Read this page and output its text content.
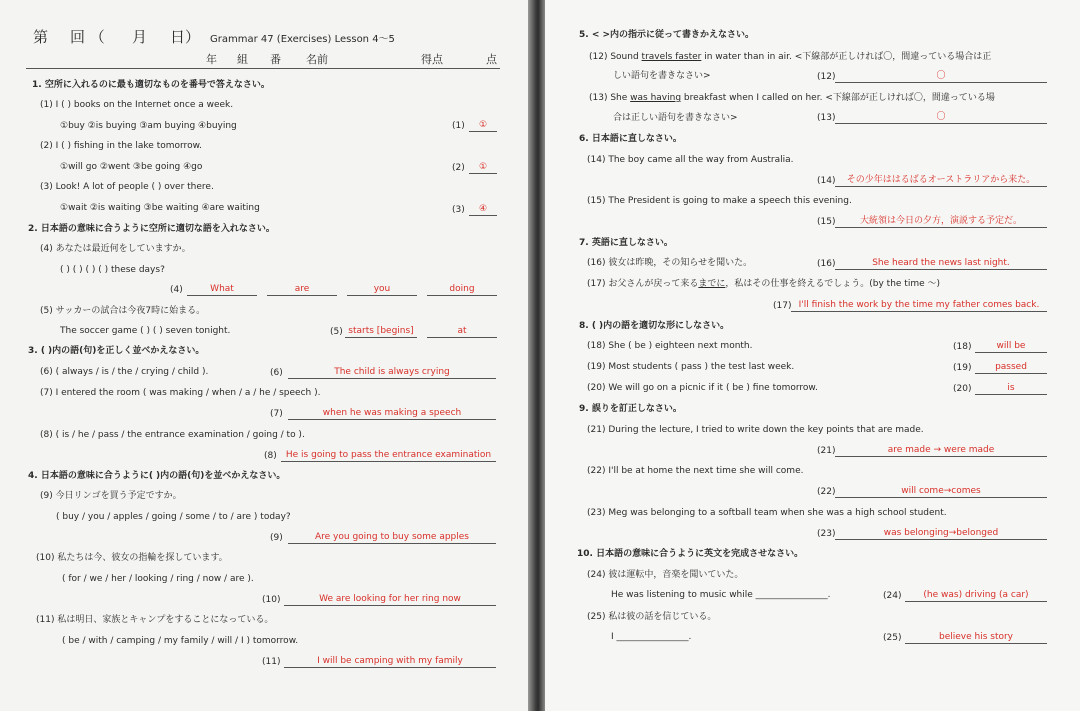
第 回 （ 月 日） Grammar 47 (Exercises) Lesson 4〜5
年 組 番 名前	得点	点
1. 空所に入れるのに最も適切なものを番号で答えなさい。
(1) I ( ) books on the Internet once a week.
①buy ②is buying ③am buying ④buying	(1)	①
(2) I ( ) fishing in the lake tomorrow.
①will go ②went ③be going ④go	(2)	①
(3) Look! A lot of people ( ) over there.
①wait ②is waiting ③be waiting ④are waiting	(3)	④
2. 日本語の意味に合うように空所に適切な語を入れなさい。
(4) あなたは最近何をしていますか。
( ) ( ) ( ) ( ) these days?
(4)	What	are	you	doing
(5) サッカーの試合は今夜7時に始まる。
The soccer game ( ) ( ) seven tonight.	(5) starts [begins]	at
3. ( )内の語(句)を正しく並べかえなさい。
(6) ( always / is / the / crying / child ).	(6)	The child is always crying
(7) I entered the room ( was making / when / a / he / speech ).
(7)	when he was making a speech
(8) ( is / he / pass / the entrance examination / going / to ).
(8)	He is going to pass the entrance examination
4. 日本語の意味に合うように( )内の語(句)を並べかえなさい。
(9) 今日リンゴを買う予定ですか。
( buy / you / apples / going / some / to / are ) today?
(9)	Are you going to buy some apples
(10) 私たちは今、彼女の指輪を探しています。
( for / we / her / looking / ring / now / are ).
(10)	We are looking for her ring now
(11) 私は明日、家族とキャンプをすることになっている。
( be / with / camping / my family / will / I ) tomorrow.
(11)	I will be camping with my family
5. < >内の指示に従って書きかえなさい。
(12) Sound travels faster in water than in air. <下線部が正しければ〇，間違っている場合は正
しい語句を書きなさい>	(12)	〇
(13) She was having breakfast when I called on her. <下線部が正しければ〇，間違っている場
合は正しい語句を書きなさい>	(13)	〇
6. 日本語に直しなさい。
(14) The boy came all the way from Australia.
(14)	その少年ははるばるオーストラリアから来た。
(15) The President is going to make a speech this evening.
(15)	大統領は今日の夕方，演説する予定だ。
7. 英語に直しなさい。
(16) 彼女は昨晩，その知らせを聞いた。	(16)	She heard the news last night.
(17) お父さんが戻って来るまでに，私はその仕事を終えるでしょう。(by the time 〜)
(17) I'll finish the work by the time my father comes back.
8. ( )内の語を適切な形にしなさい。
(18) She ( be ) eighteen next month.	(18)	will be
(19) Most students ( pass ) the test last week.	(19)	passed
(20) We will go on a picnic if it ( be ) fine tomorrow.	(20)	is
9. 誤りを訂正しなさい。
(21) During the lecture, I tried to write down the key points that are made.
(21)	are made → were made
(22) I'll be at home the next time she will come.
(22)	will come→comes
(23) Meg was belonging to a softball team when she was a high school student.
(23)	was belonging→belonged
10. 日本語の意味に合うように英文を完成させなさい。
(24) 彼は運転中，音楽を聞いていた。
He was listening to music while ________________.	(24)	(he was) driving (a car)
(25) 私は彼の話を信じている。
I ________________.	(25)	believe his story
